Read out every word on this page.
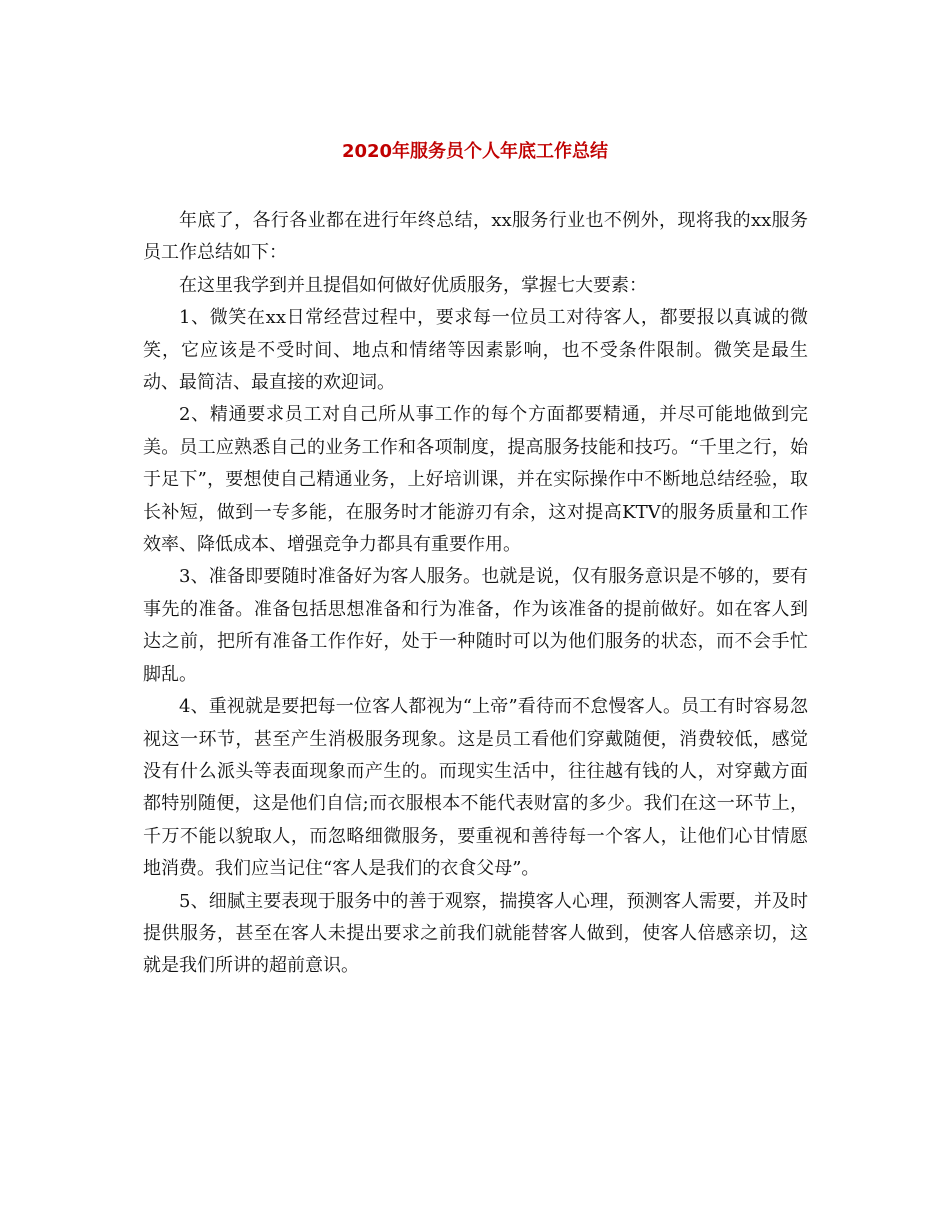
2020年服务员个人年底工作总结

年底了，各行各业都在进行年终总结，xx服务行业也不例外，现将我的xx服务员工作总结如下：

在这里我学到并且提倡如何做好优质服务，掌握七大要素：

1、微笑在xx日常经营过程中，要求每一位员工对待客人，都要报以真诚的微笑，它应该是不受时间、地点和情绪等因素影响，也不受条件限制。微笑是最生动、最简洁、最直接的欢迎词。

2、精通要求员工对自己所从事工作的每个方面都要精通，并尽可能地做到完美。员工应熟悉自己的业务工作和各项制度，提高服务技能和技巧。“千里之行，始于足下”，要想使自己精通业务，上好培训课，并在实际操作中不断地总结经验，取长补短，做到一专多能，在服务时才能游刃有余，这对提高KTV的服务质量和工作效率、降低成本、增强竞争力都具有重要作用。

3、准备即要随时准备好为客人服务。也就是说，仅有服务意识是不够的，要有事先的准备。准备包括思想准备和行为准备，作为该准备的提前做好。如在客人到达之前，把所有准备工作作好，处于一种随时可以为他们服务的状态，而不会手忙脚乱。

4、重视就是要把每一位客人都视为“上帝”看待而不怠慢客人。员工有时容易忽视这一环节，甚至产生消极服务现象。这是员工看他们穿戴随便，消费较低，感觉没有什么派头等表面现象而产生的。而现实生活中，往往越有钱的人，对穿戴方面都特别随便，这是他们自信;而衣服根本不能代表财富的多少。我们在这一环节上，千万不能以貌取人，而忽略细微服务，要重视和善待每一个客人，让他们心甘情愿地消费。我们应当记住“客人是我们的衣食父母”。

5、细腻主要表现于服务中的善于观察，揣摸客人心理，预测客人需要，并及时提供服务，甚至在客人未提出要求之前我们就能替客人做到，使客人倍感亲切，这就是我们所讲的超前意识。
